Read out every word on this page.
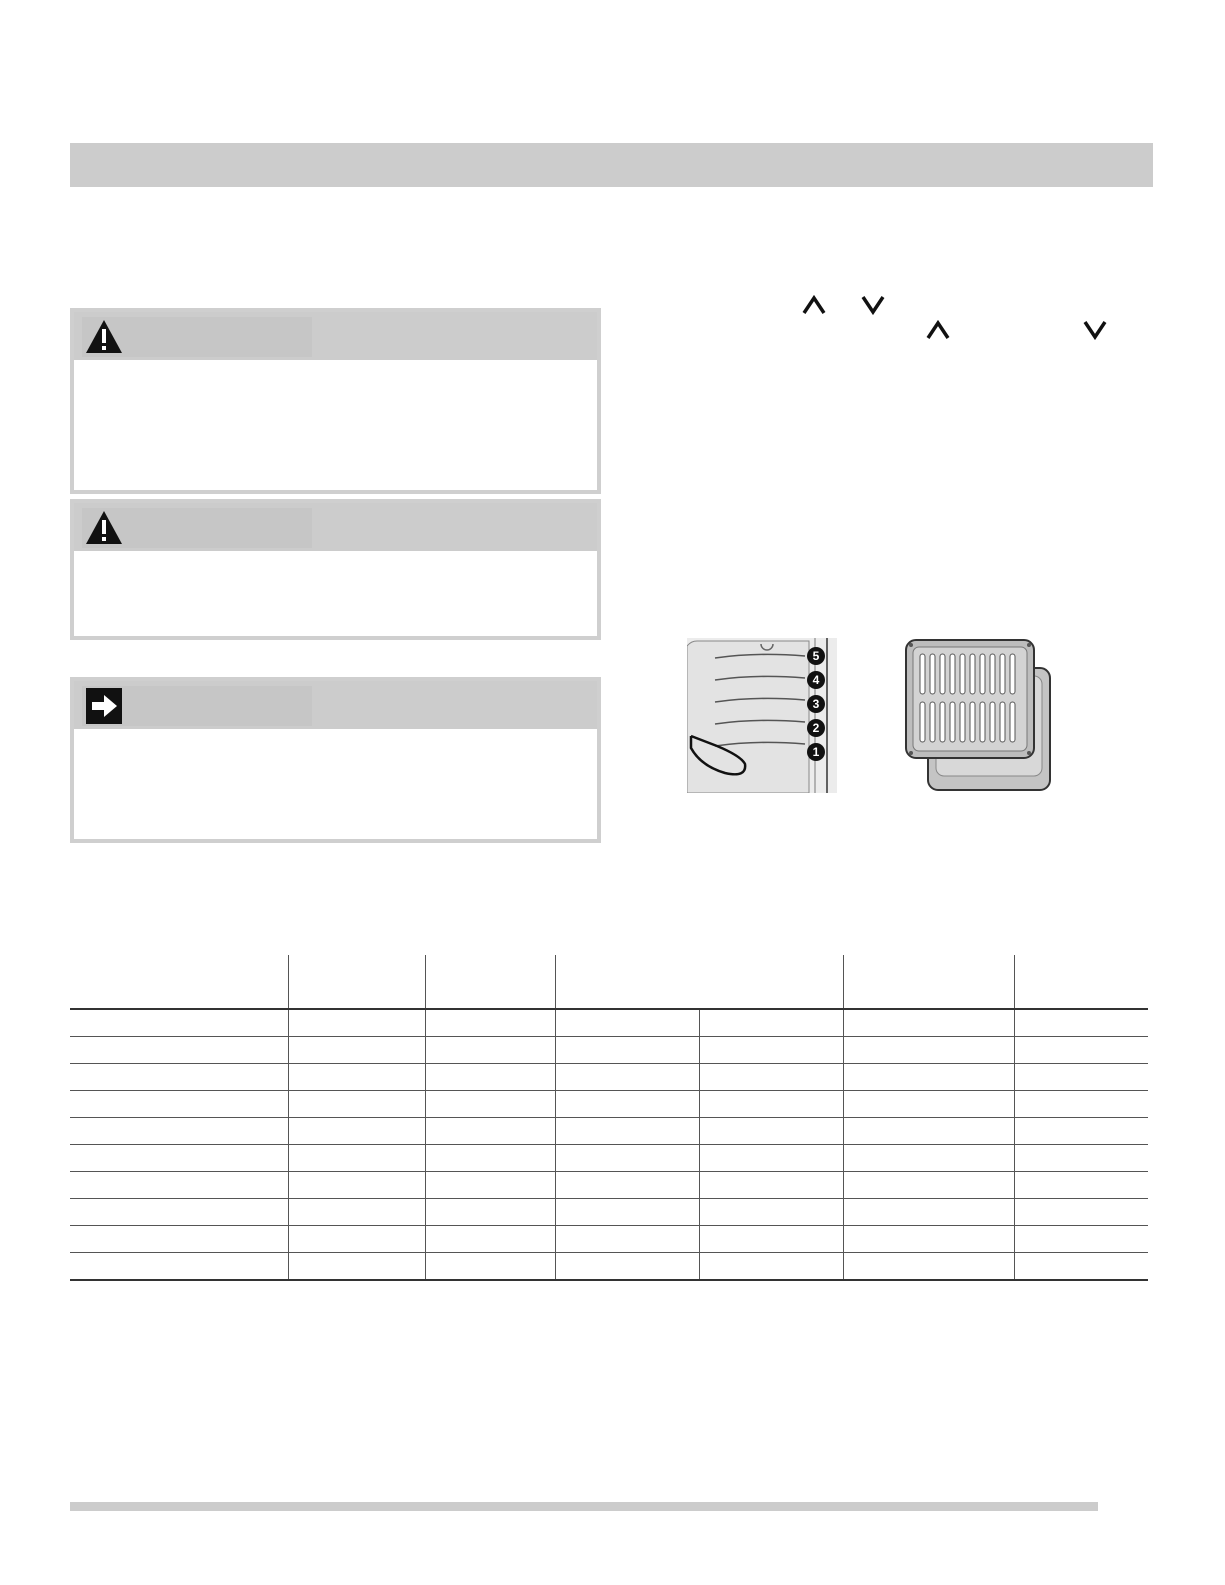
5
4
3
2
1
